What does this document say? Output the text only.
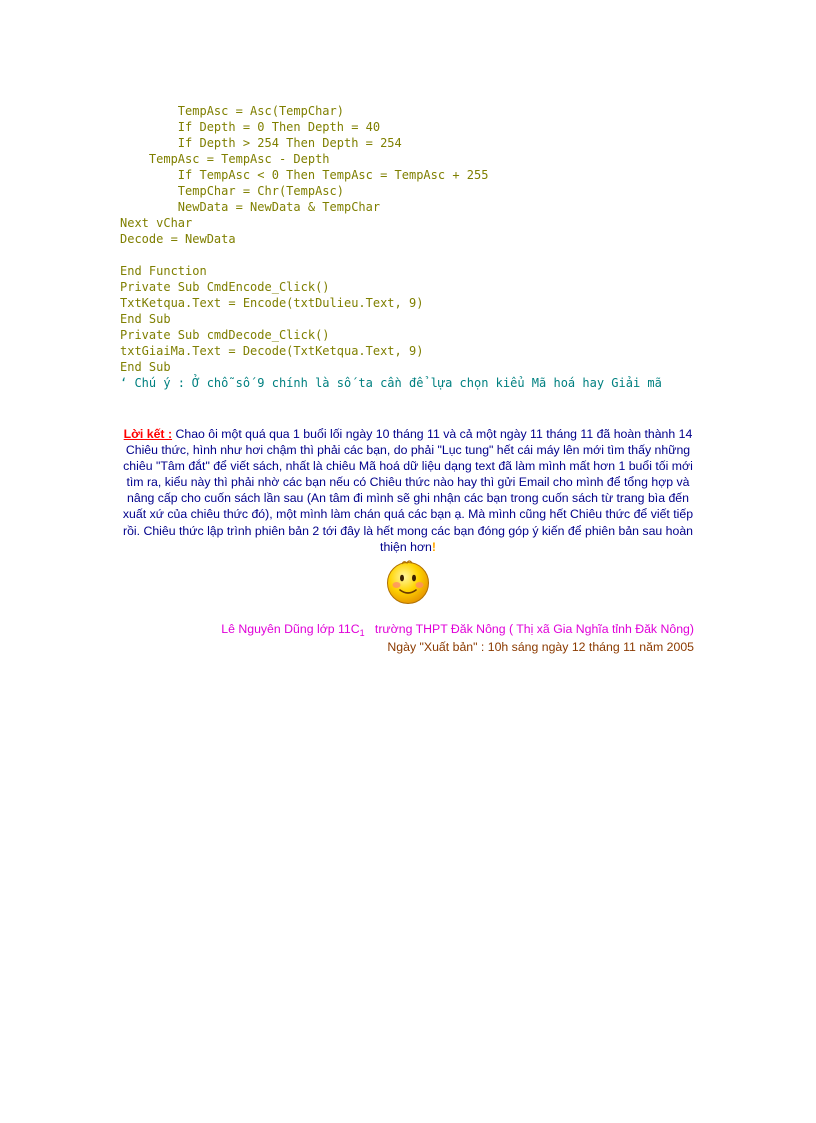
TempAsc = Asc(TempChar)
If Depth = 0 Then Depth = 40
If Depth > 254 Then Depth = 254
TempAsc = TempAsc - Depth
If TempAsc < 0 Then TempAsc = TempAsc + 255
TempChar = Chr(TempAsc)
NewData = NewData & TempChar
Next vChar
Decode = NewData
End Function
Private Sub CmdEncode_Click()
TxtKetqua.Text = Encode(txtDulieu.Text, 9)
End Sub
Private Sub cmdDecode_Click()
txtGiaiMa.Text = Decode(TxtKetqua.Text, 9)
End Sub
‘ Chú ý : Ở chỗ số 9 chính là số ta cần để lựa chọn kiểu Mã hoá hay Giải mã
Lời kết : Chao ôi một quá qua 1 buổi lối ngày 10 tháng 11 và cả một ngày 11 tháng 11 đã hoàn thành 14 Chiêu thức, hình như hơi chậm thì phải các bạn, do phải "Lục tung" hết cái máy lên mới tìm thấy những chiêu "Tâm đắt" để viết sách, nhất là chiêu Mã hoá dữ liệu dạng text đã làm mình mất hơn 1 buổi tối mới tìm ra, kiểu này thì phải nhờ các bạn nếu có Chiêu thức nào hay thì gửi Email cho mình để tổng hợp và nâng cấp cho cuốn sách lần sau (An tâm đi mình sẽ ghi nhận các bạn trong cuốn sách từ trang bìa đến xuất xứ của chiêu thức đó), một mình làm chán quá các bạn ạ. Mà mình cũng hết Chiêu thức để viết tiếp rồi. Chiêu thức lập trình phiên bản 2 tới đây là hết mong các bạn đóng góp ý kiến để phiên bản sau hoàn thiện hơn!
Lê Nguyên Dũng lớp $11C_1$ trường THPT Đăk Nông ( Thị xã Gia Nghĩa tỉnh Đăk Nông)
Ngày "Xuất bản" : 10h sáng ngày 12 tháng 11 năm 2005
